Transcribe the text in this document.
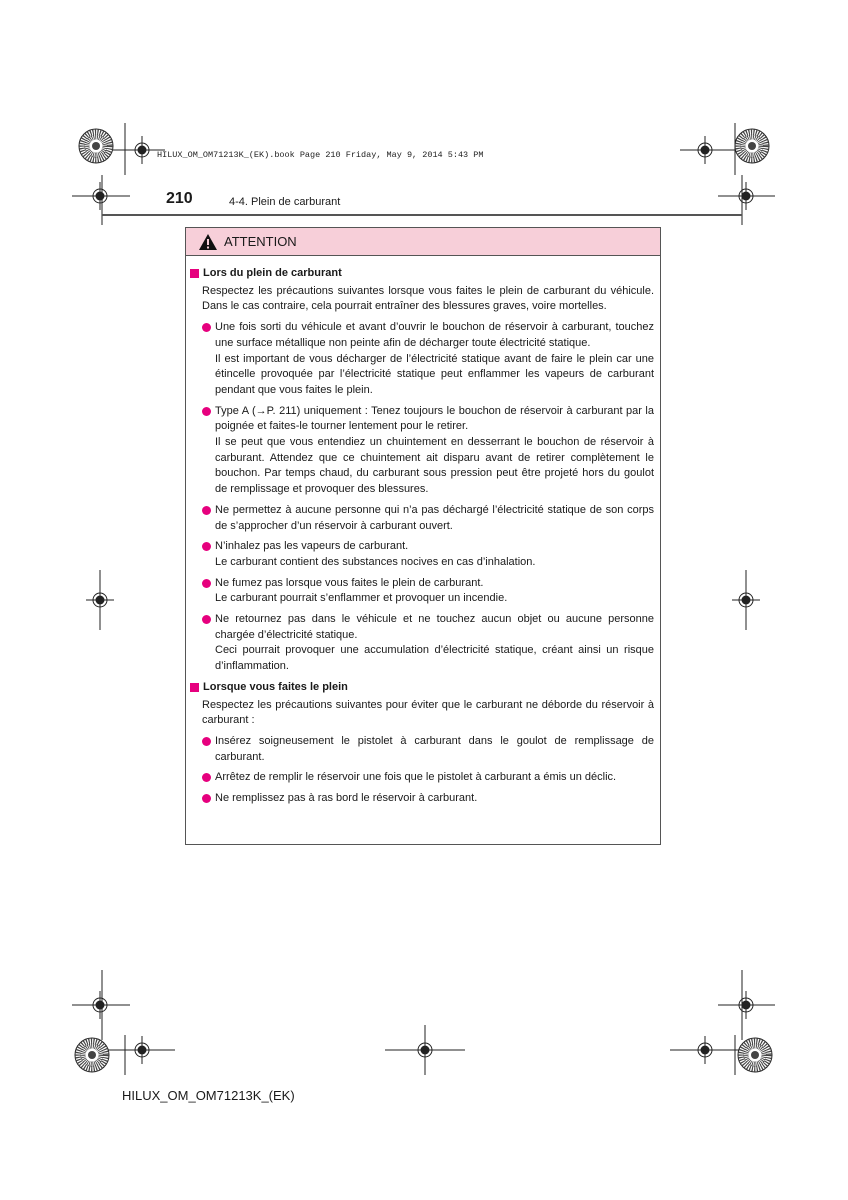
HILUX_OM_OM71213K_(EK).book Page 210 Friday, May 9, 2014 5:43 PM
210	4-4. Plein de carburant
ATTENTION
Lors du plein de carburant
Respectez les précautions suivantes lorsque vous faites le plein de carburant du véhicule. Dans le cas contraire, cela pourrait entraîner des blessures graves, voire mortelles.
Une fois sorti du véhicule et avant d’ouvrir le bouchon de réservoir à carburant, touchez une surface métallique non peinte afin de décharger toute électricité statique.
Il est important de vous décharger de l’électricité statique avant de faire le plein car une étincelle provoquée par l’électricité statique peut enflammer les vapeurs de carburant pendant que vous faites le plein.
Type A (→P. 211) uniquement : Tenez toujours le bouchon de réservoir à carburant par la poignée et faites-le tourner lentement pour le retirer.
Il se peut que vous entendiez un chuintement en desserrant le bouchon de réservoir à carburant. Attendez que ce chuintement ait disparu avant de retirer complètement le bouchon. Par temps chaud, du carburant sous pression peut être projeté hors du goulot de remplissage et provoquer des blessures.
Ne permettez à aucune personne qui n’a pas déchargé l’électricité statique de son corps de s’approcher d’un réservoir à carburant ouvert.
N’inhalez pas les vapeurs de carburant.
Le carburant contient des substances nocives en cas d’inhalation.
Ne fumez pas lorsque vous faites le plein de carburant.
Le carburant pourrait s’enflammer et provoquer un incendie.
Ne retournez pas dans le véhicule et ne touchez aucun objet ou aucune personne chargée d’électricité statique.
Ceci pourrait provoquer une accumulation d’électricité statique, créant ainsi un risque d’inflammation.
Lorsque vous faites le plein
Respectez les précautions suivantes pour éviter que le carburant ne déborde du réservoir à carburant :
Insérez soigneusement le pistolet à carburant dans le goulot de remplissage de carburant.
Arrêtez de remplir le réservoir une fois que le pistolet à carburant a émis un déclic.
Ne remplissez pas à ras bord le réservoir à carburant.
HILUX_OM_OM71213K_(EK)
